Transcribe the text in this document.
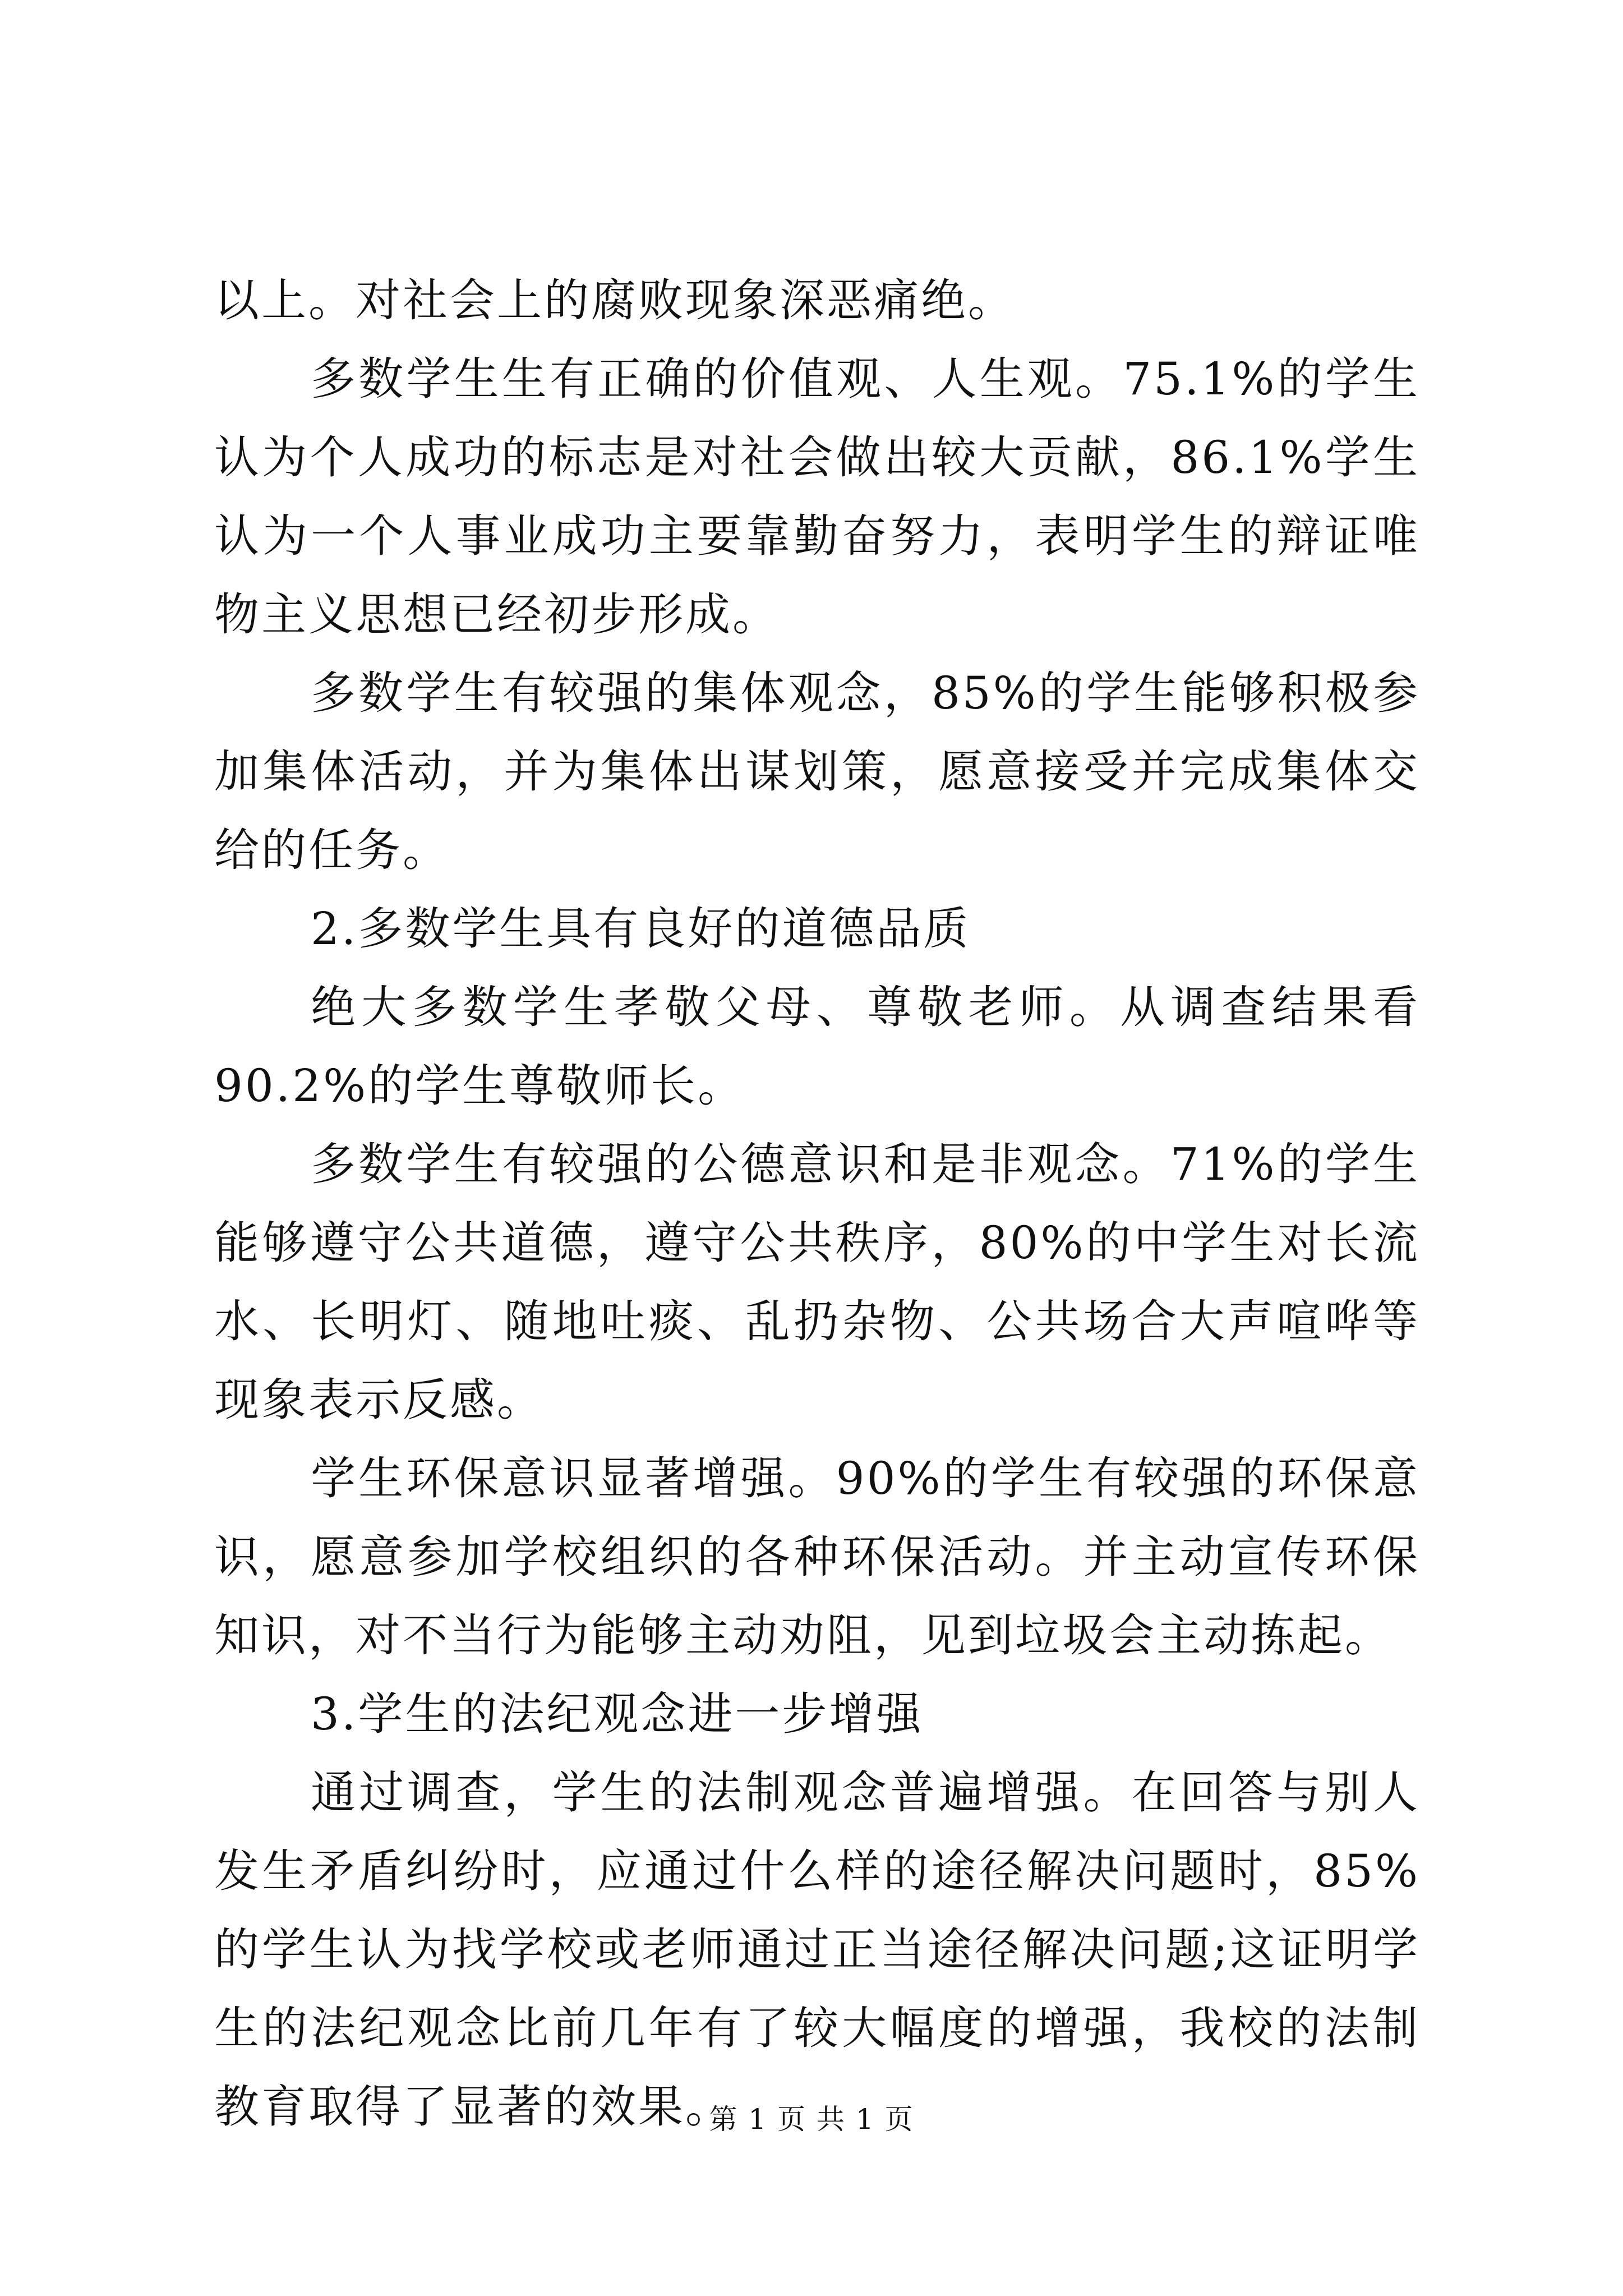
以上。对社会上的腐败现象深恶痛绝。

多数学生生有正确的价值观、人生观。75.1%的学生认为个人成功的标志是对社会做出较大贡献，86.1%学生认为一个人事业成功主要靠勤奋努力，表明学生的辩证唯物主义思想已经初步形成。

多数学生有较强的集体观念，85%的学生能够积极参加集体活动，并为集体出谋划策，愿意接受并完成集体交给的任务。

2.多数学生具有良好的道德品质

绝大多数学生孝敬父母、尊敬老师。从调查结果看90.2%的学生尊敬师长。

多数学生有较强的公德意识和是非观念。71%的学生能够遵守公共道德，遵守公共秩序，80%的中学生对长流水、长明灯、随地吐痰、乱扔杂物、公共场合大声喧哗等现象表示反感。

学生环保意识显著增强。90%的学生有较强的环保意识，愿意参加学校组织的各种环保活动。并主动宣传环保知识，对不当行为能够主动劝阻，见到垃圾会主动拣起。

3.学生的法纪观念进一步增强

通过调查，学生的法制观念普遍增强。在回答与别人发生矛盾纠纷时，应通过什么样的途径解决问题时，85%的学生认为找学校或老师通过正当途径解决问题;这证明学生的法纪观念比前几年有了较大幅度的增强，我校的法制教育取得了显著的效果。

第 1 页 共 1 页
